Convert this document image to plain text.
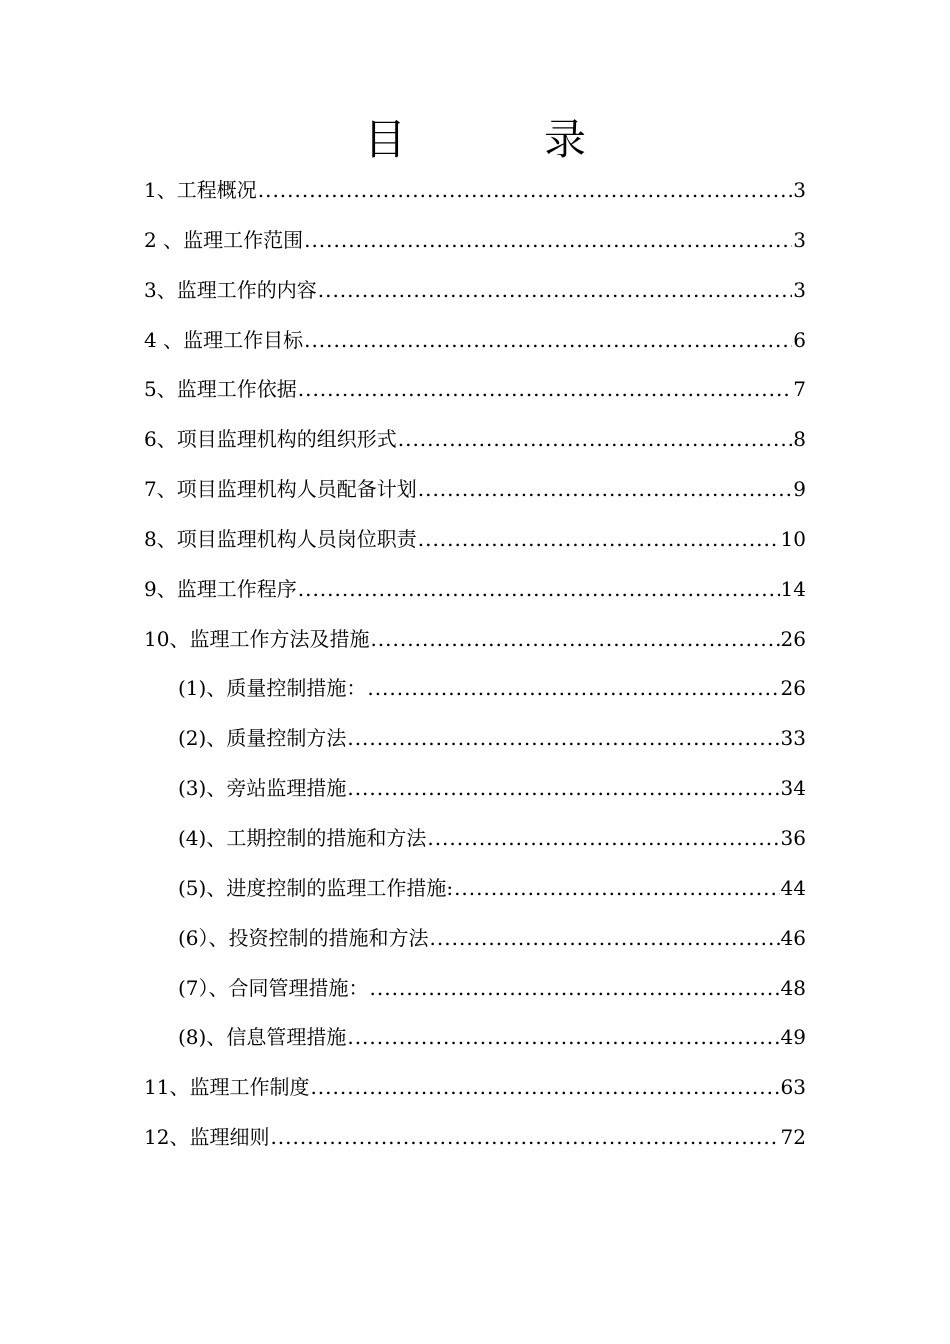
目　录
1、工程概况 .....	3
2 、监理工作范围 .....	3
3、监理工作的内容 .....	3
4 、监理工作目标 .....	6
5、监理工作依据 .....	7
6、项目监理机构的组织形式 .....	8
7、项目监理机构人员配备计划 .....	9
8、项目监理机构人员岗位职责 .....	10
9、监理工作程序 .....	14
10、监理工作方法及措施 .....	26
(1)、质量控制措施： .....	26
(2)、质量控制方法 .....	33
(3)、旁站监理措施 .....	34
(4)、工期控制的措施和方法 .....	36
(5)、进度控制的监理工作措施: .....	44
(6）、投资控制的措施和方法 .....	46
(7）、合同管理措施： .....	48
(8)、信息管理措施 .....	49
11、监理工作制度 .....	63
12、监理细则 .....	72
